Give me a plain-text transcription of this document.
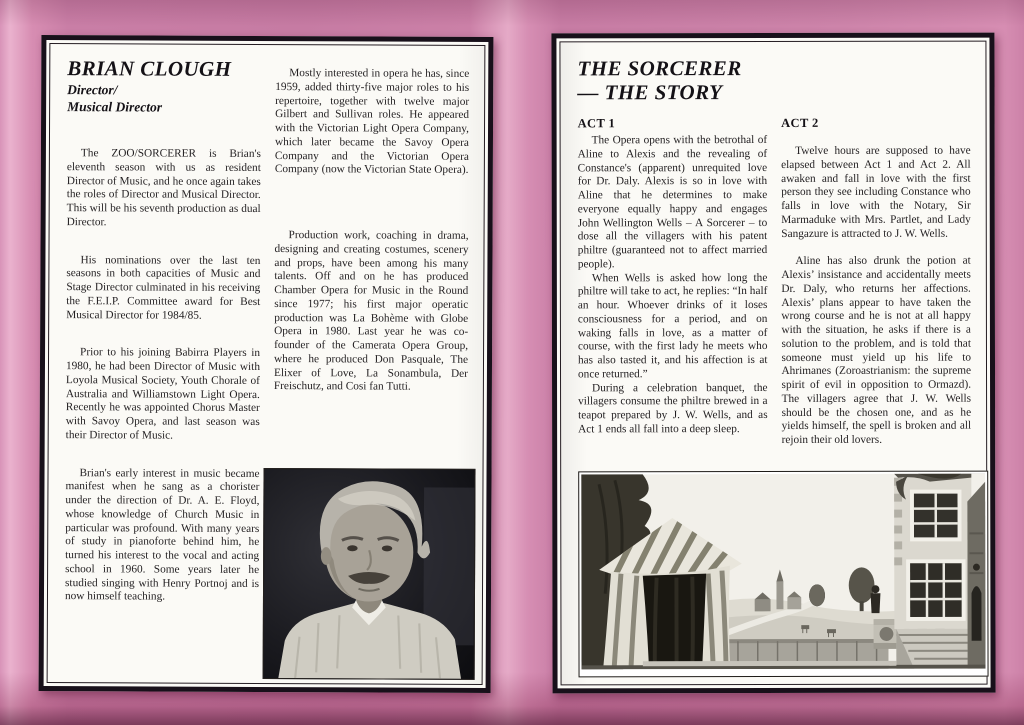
BRIAN CLOUGH
Director/
Musical Director

The ZOO/SORCERER is Brian's eleventh season with us as resident Director of Music, and he once again takes the roles of Director and Musical Director. This will be his seventh production as dual Director.

His nominations over the last ten seasons in both capacities of Music and Stage Director culminated in his receiving the F.E.I.P. Committee award for Best Musical Director for 1984/85.

Prior to his joining Babirra Players in 1980, he had been Director of Music with Loyola Musical Society, Youth Chorale of Australia and Williamstown Light Opera. Recently he was appointed Chorus Master with Savoy Opera, and last season was their Director of Music.

Brian's early interest in music became manifest when he sang as a chorister under the direction of Dr. A. E. Floyd, whose knowledge of Church Music in particular was profound. With many years of study in pianoforte behind him, he turned his interest to the vocal and acting school in 1960. Some years later he studied singing with Henry Portnoj and is now himself teaching.

Mostly interested in opera he has, since 1959, added thirty-five major roles to his repertoire, together with twelve major Gilbert and Sullivan roles. He appeared with the Victorian Light Opera Company, which later became the Savoy Opera Company and the Victorian Opera Company (now the Victorian State Opera).

Production work, coaching in drama, designing and creating costumes, scenery and props, have been among his many talents. Off and on he has produced Chamber Opera for Music in the Round since 1977; his first major operatic production was La Bohème with Globe Opera in 1980. Last year he was co-founder of the Camerata Opera Group, where he produced Don Pasquale, The Elixer of Love, La Sonambula, Der Freischutz, and Cosi fan Tutti.

THE SORCERER
— THE STORY
ACT 1

The Opera opens with the betrothal of Aline to Alexis and the revealing of Constance's (apparent) unrequited love for Dr. Daly. Alexis is so in love with Aline that he determines to make everyone equally happy and engages John Wellington Wells – A Sorcerer – to dose all the villagers with his patent philtre (guaranteed not to affect married people).

When Wells is asked how long the philtre will take to act, he replies: “In half an hour. Whoever drinks of it loses consciousness for a period, and on waking falls in love, as a matter of course, with the first lady he meets who has also tasted it, and his affection is at once returned.”

During a celebration banquet, the villagers consume the philtre brewed in a teapot prepared by J. W. Wells, and as Act 1 ends all fall into a deep sleep.

ACT 2

Twelve hours are supposed to have elapsed between Act 1 and Act 2. All awaken and fall in love with the first person they see including Constance who falls in love with the Notary, Sir Marmaduke with Mrs. Partlet, and Lady Sangazure is attracted to J. W. Wells.

Aline has also drunk the potion at Alexis’ insistance and accidentally meets Dr. Daly, who returns her affections. Alexis’ plans appear to have taken the wrong course and he is not at all happy with the situation, he asks if there is a solution to the problem, and is told that someone must yield up his life to Ahrimanes (Zoroastrianism: the supreme spirit of evil in opposition to Ormazd). The villagers agree that J. W. Wells should be the chosen one, and as he yields himself, the spell is broken and all rejoin their old lovers.
